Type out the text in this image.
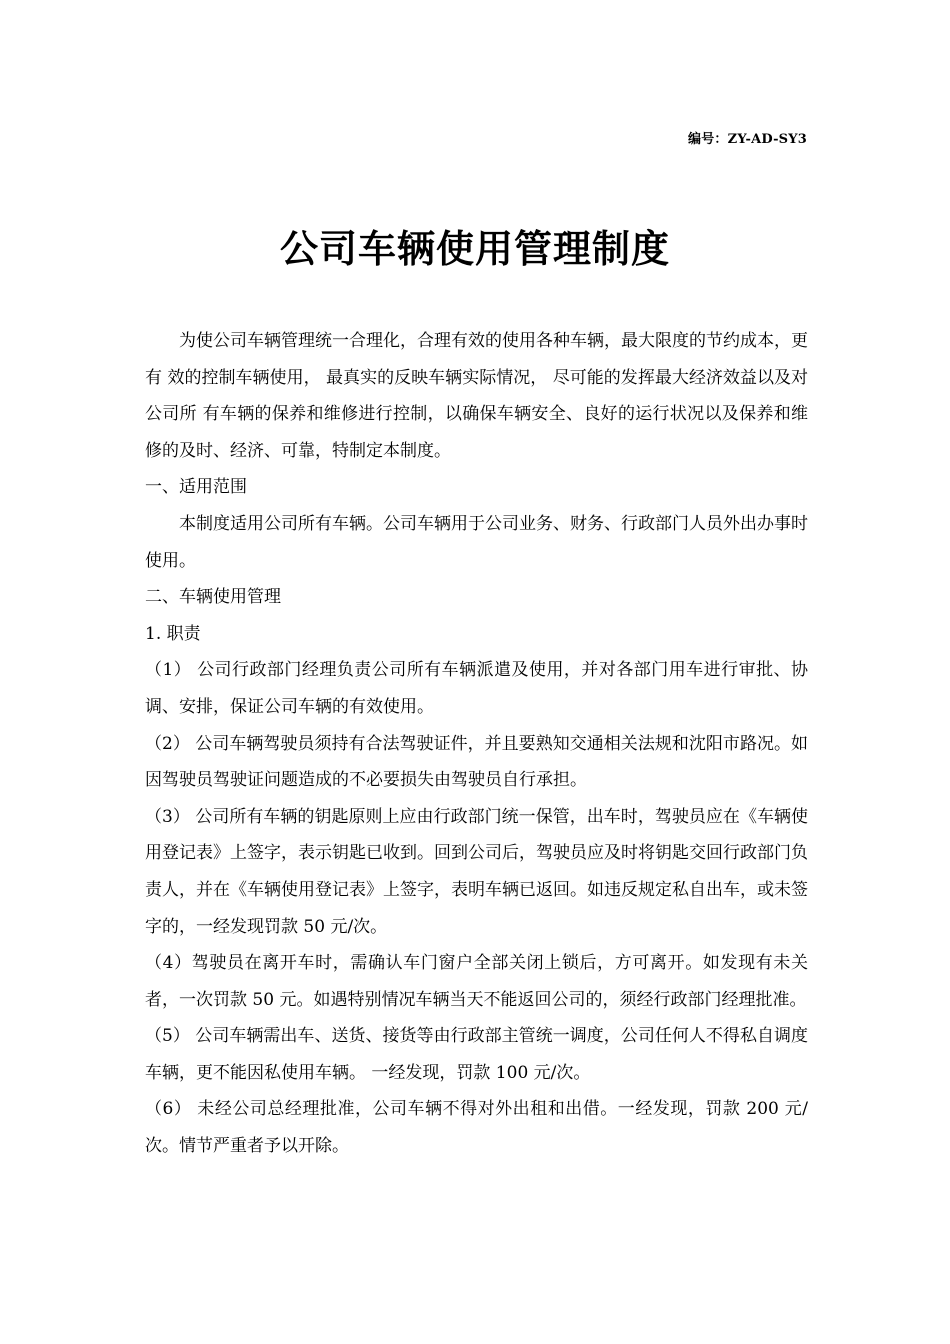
编号：ZY-AD-SY3
公司车辆使用管理制度

为使公司车辆管理统一合理化，合理有效的使用各种车辆，最大限度的节约成本，更有 效的控制车辆使用， 最真实的反映车辆实际情况， 尽可能的发挥最大经济效益以及对公司所 有车辆的保养和维修进行控制，以确保车辆安全、良好的运行状况以及保养和维修的及时、经济、可靠，特制定本制度。

一、适用范围

本制度适用公司所有车辆。公司车辆用于公司业务、财务、行政部门人员外出办事时使用。

二、车辆使用管理

1. 职责

（1） 公司行政部门经理负责公司所有车辆派遣及使用，并对各部门用车进行审批、协调、安排，保证公司车辆的有效使用。

（2） 公司车辆驾驶员须持有合法驾驶证件，并且要熟知交通相关法规和沈阳市路况。如因驾驶员驾驶证问题造成的不必要损失由驾驶员自行承担。

（3） 公司所有车辆的钥匙原则上应由行政部门统一保管，出车时，驾驶员应在《车辆使用登记表》上签字，表示钥匙已收到。回到公司后，驾驶员应及时将钥匙交回行政部门负责人，并在《车辆使用登记表》上签字，表明车辆已返回。如违反规定私自出车，或未签字的，一经发现罚款 50 元/次。

（4）驾驶员在离开车时，需确认车门窗户全部关闭上锁后，方可离开。如发现有未关者，一次罚款 50 元。如遇特别情况车辆当天不能返回公司的，须经行政部门经理批准。

（5） 公司车辆需出车、送货、接货等由行政部主管统一调度，公司任何人不得私自调度车辆，更不能因私使用车辆。 一经发现，罚款 100 元/次。

（6） 未经公司总经理批准，公司车辆不得对外出租和出借。一经发现，罚款 200 元/次。情节严重者予以开除。
